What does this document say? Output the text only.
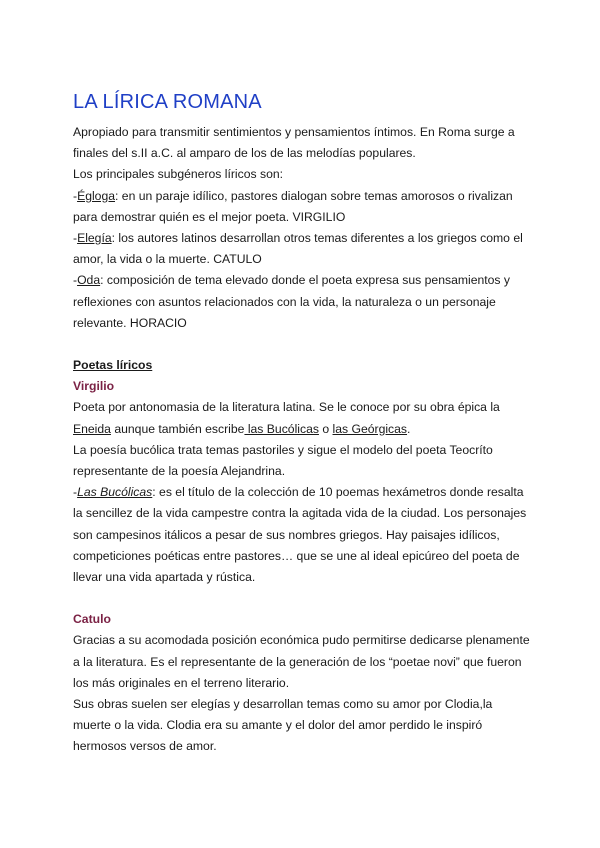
LA LÍRICA ROMANA

Apropiado para transmitir sentimientos y pensamientos íntimos. En Roma surge a

finales del s.II a.C. al amparo de los de las melodías populares.

Los principales subgéneros líricos son:

-Égloga: en un paraje idílico, pastores dialogan sobre temas amorosos o rivalizan

para demostrar quién es el mejor poeta. VIRGILIO

-Elegía: los autores latinos desarrollan otros temas diferentes a los griegos como el

amor, la vida o la muerte. CATULO

-Oda: composición de tema elevado donde el poeta expresa sus pensamientos y

reflexiones con asuntos relacionados con la vida, la naturaleza o un personaje

relevante. HORACIO

Poetas líricos

Virgilio

Poeta por antonomasia de la literatura latina. Se le conoce por su obra épica la

Eneida aunque también escribe las Bucólicas o las Geórgicas.

La poesía bucólica trata temas pastoriles y sigue el modelo del poeta Teocríto

representante de la poesía Alejandrina.

-Las Bucólicas: es el título de la colección de 10 poemas hexámetros donde resalta

la sencillez de la vida campestre contra la agitada vida de la ciudad. Los personajes

son campesinos itálicos a pesar de sus nombres griegos. Hay paisajes idílicos,

competiciones poéticas entre pastores… que se une al ideal epicúreo del poeta de

llevar una vida apartada y rústica.

Catulo

Gracias a su acomodada posición económica pudo permitirse dedicarse plenamente

a la literatura. Es el representante de la generación de los “poetae novi” que fueron

los más originales en el terreno literario.

Sus obras suelen ser elegías y desarrollan temas como su amor por Clodia,la

muerte o la vida. Clodia era su amante y el dolor del amor perdido le inspiró

hermosos versos de amor.
